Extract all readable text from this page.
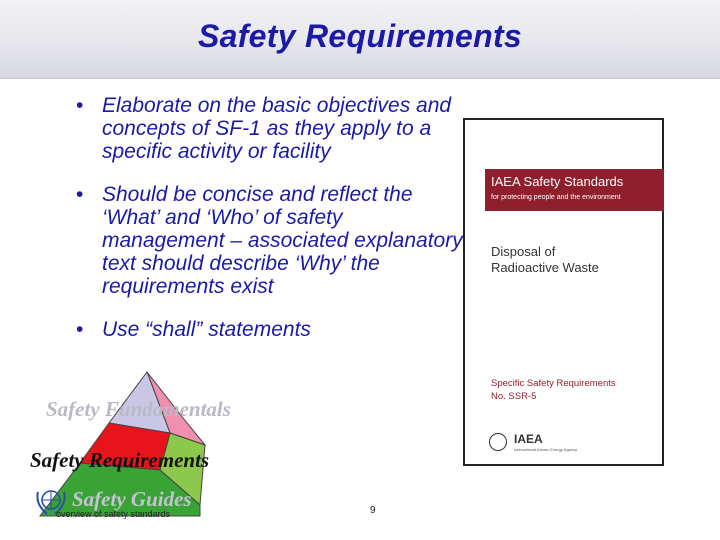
Safety Requirements
• Elaborate on the basic objectives and concepts of SF-1 as they apply to a specific activity or facility
• Should be concise and reflect the ‘What’ and ‘Who’ of safety management – associated explanatory text should describe ‘Why’ the requirements exist
• Use “shall” statements
IAEA Safety Standards
for protecting people and the environment
Disposal of
Radioactive Waste
Specific Safety Requirements
No. SSR-5
IAEA
International Atomic Energy Agency
Safety Fundamentals
Safety Requirements
Safety Guides
overview of safety standards	9
